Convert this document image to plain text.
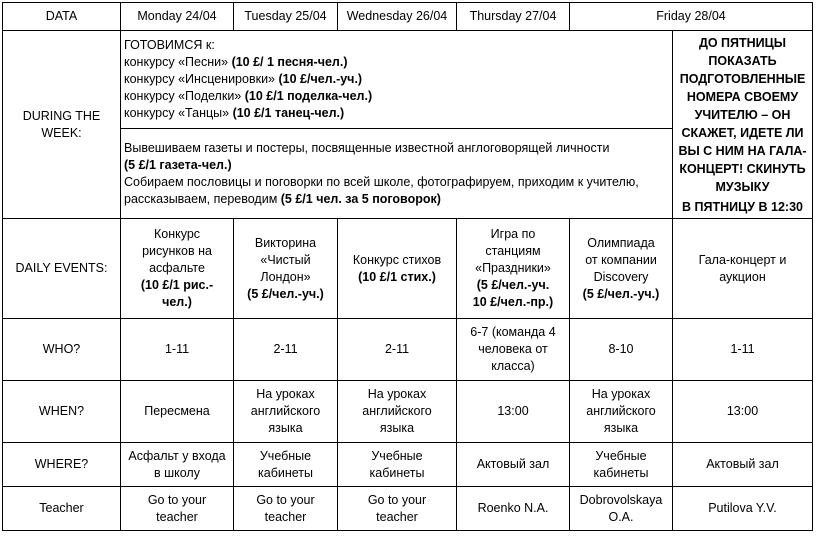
DATA	Monday 24/04	Tuesday 25/04	Wednesday 26/04	Thursday 27/04	Friday 28/04	
DURING THE
WEEK:	ГОТОВИМСЯ к:
конкурсу «Песни» (10 £/ 1 песня-чел.)
конкурсу «Инсценировки» (10 £/чел.-уч.)
конкурсу «Поделки» (10 £/1 поделка-чел.)
конкурсу «Танцы» (10 £/1 танец-чел.)					ДО ПЯТНИЦЫ ПОКАЗАТЬ ПОДГОТОВЛЕННЫЕ НОМЕРА СВОЕМУ УЧИТЕЛЮ – ОН СКАЖЕТ, ИДЕТЕ ЛИ ВЫ С НИМ НА ГАЛА-КОНЦЕРТ! СКИНУТЬ МУЗЫКУ
В ПЯТНИЦУ В 12:30

	Вывешиваем газеты и постеры, посвященные известной англоговорящей личности
(5 £/1 газета-чел.)
Собираем пословицы и поговорки по всей школе, фотографируем, приходим к учителю, рассказываем, переводим (5 £/1 чел. за 5 поговорок)					
DAILY EVENTS:	Конкурс
рисунков на
асфальте
(10 £/1 рис.-
чел.)	Викторина
«Чистый
Лондон»
(5 £/чел.-уч.)	Конкурс стихов
(10 £/1 стих.)	Игра по
станциям
«Праздники»
(5 £/чел.-уч.
10 £/чел.-пр.)	Олимпиада
от компании
Discovery
(5 £/чел.-уч.)	Гала-концерт и
аукцион

WHO?	1-11	2-11	2-11	6-7 (команда 4
человека от
класса)	8-10	1-11
WHEN?	Пересмена	На уроках
английского
языка	На уроках
английского
языка	13:00	На уроках
английского
языка	13:00
WHERE?	Асфальт у входа
в школу	Учебные
кабинеты	Учебные
кабинеты	Актовый зал	Учебные
кабинеты	Актовый зал
Teacher	Go to your
teacher	Go to your
teacher	Go to your
teacher	Roenko N.A.	Dobrovolskaya
O.A.	Putilova Y.V.
